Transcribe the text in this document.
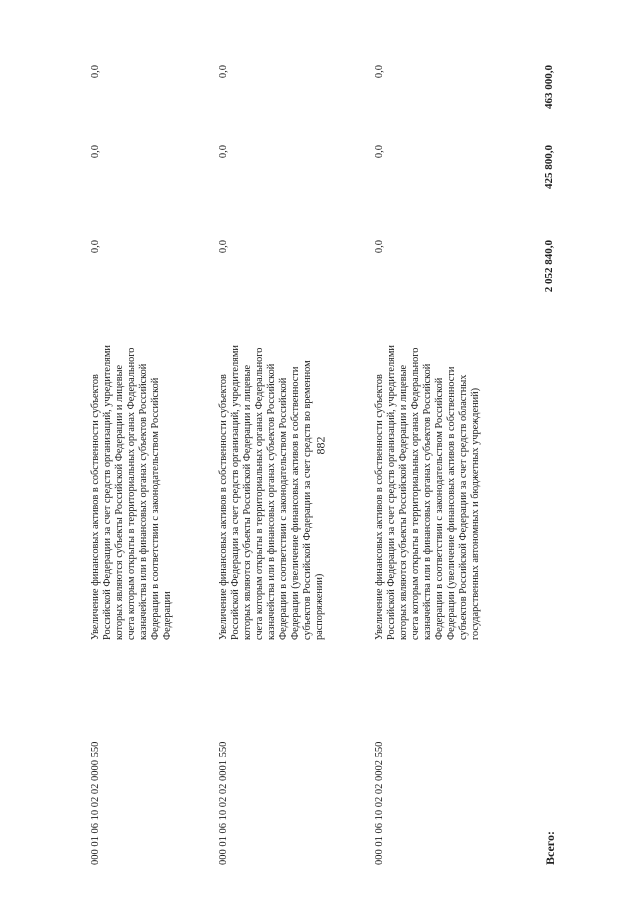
882
000 01 06 10 02 02 0000 550
Увеличение финансовых активов в собственности субъектов Российской Федерации за счет средств организаций, учредителями которых являются субъекты Российской Федерации и лицевые счета которым открыты в территориальных органах Федерального казначейства или в финансовых органах субъектов Российской Федерации в соответствии с законодательством Российской Федерации
0,0
0,0
0,0
000 01 06 10 02 02 0001 550
Увеличение финансовых активов в собственности субъектов Российской Федерации за счет средств организаций, учредителями которых являются субъекты Российской Федерации и лицевые счета которым открыты в территориальных органах Федерального казначейства или в финансовых органах субъектов Российской Федерации в соответствии с законодательством Российской Федерации (увеличение финансовых активов в собственности субъектов Российской Федерации за счет средств во временном распоряжении)
0,0
0,0
0,0
000 01 06 10 02 02 0002 550
Увеличение финансовых активов в собственности субъектов Российской Федерации за счет средств организаций, учредителями которых являются субъекты Российской Федерации и лицевые счета которым открыты в территориальных органах Федерального казначейства или в финансовых органах субъектов Российской Федерации в соответствии с законодательством Российской Федерации (увеличение финансовых активов в собственности субъектов Российской Федерации за счет средств областных государственных автономных и бюджетных учреждений)
0,0
0,0
0,0
Всего:
2 052 840,0
425 800,0
463 000,0
